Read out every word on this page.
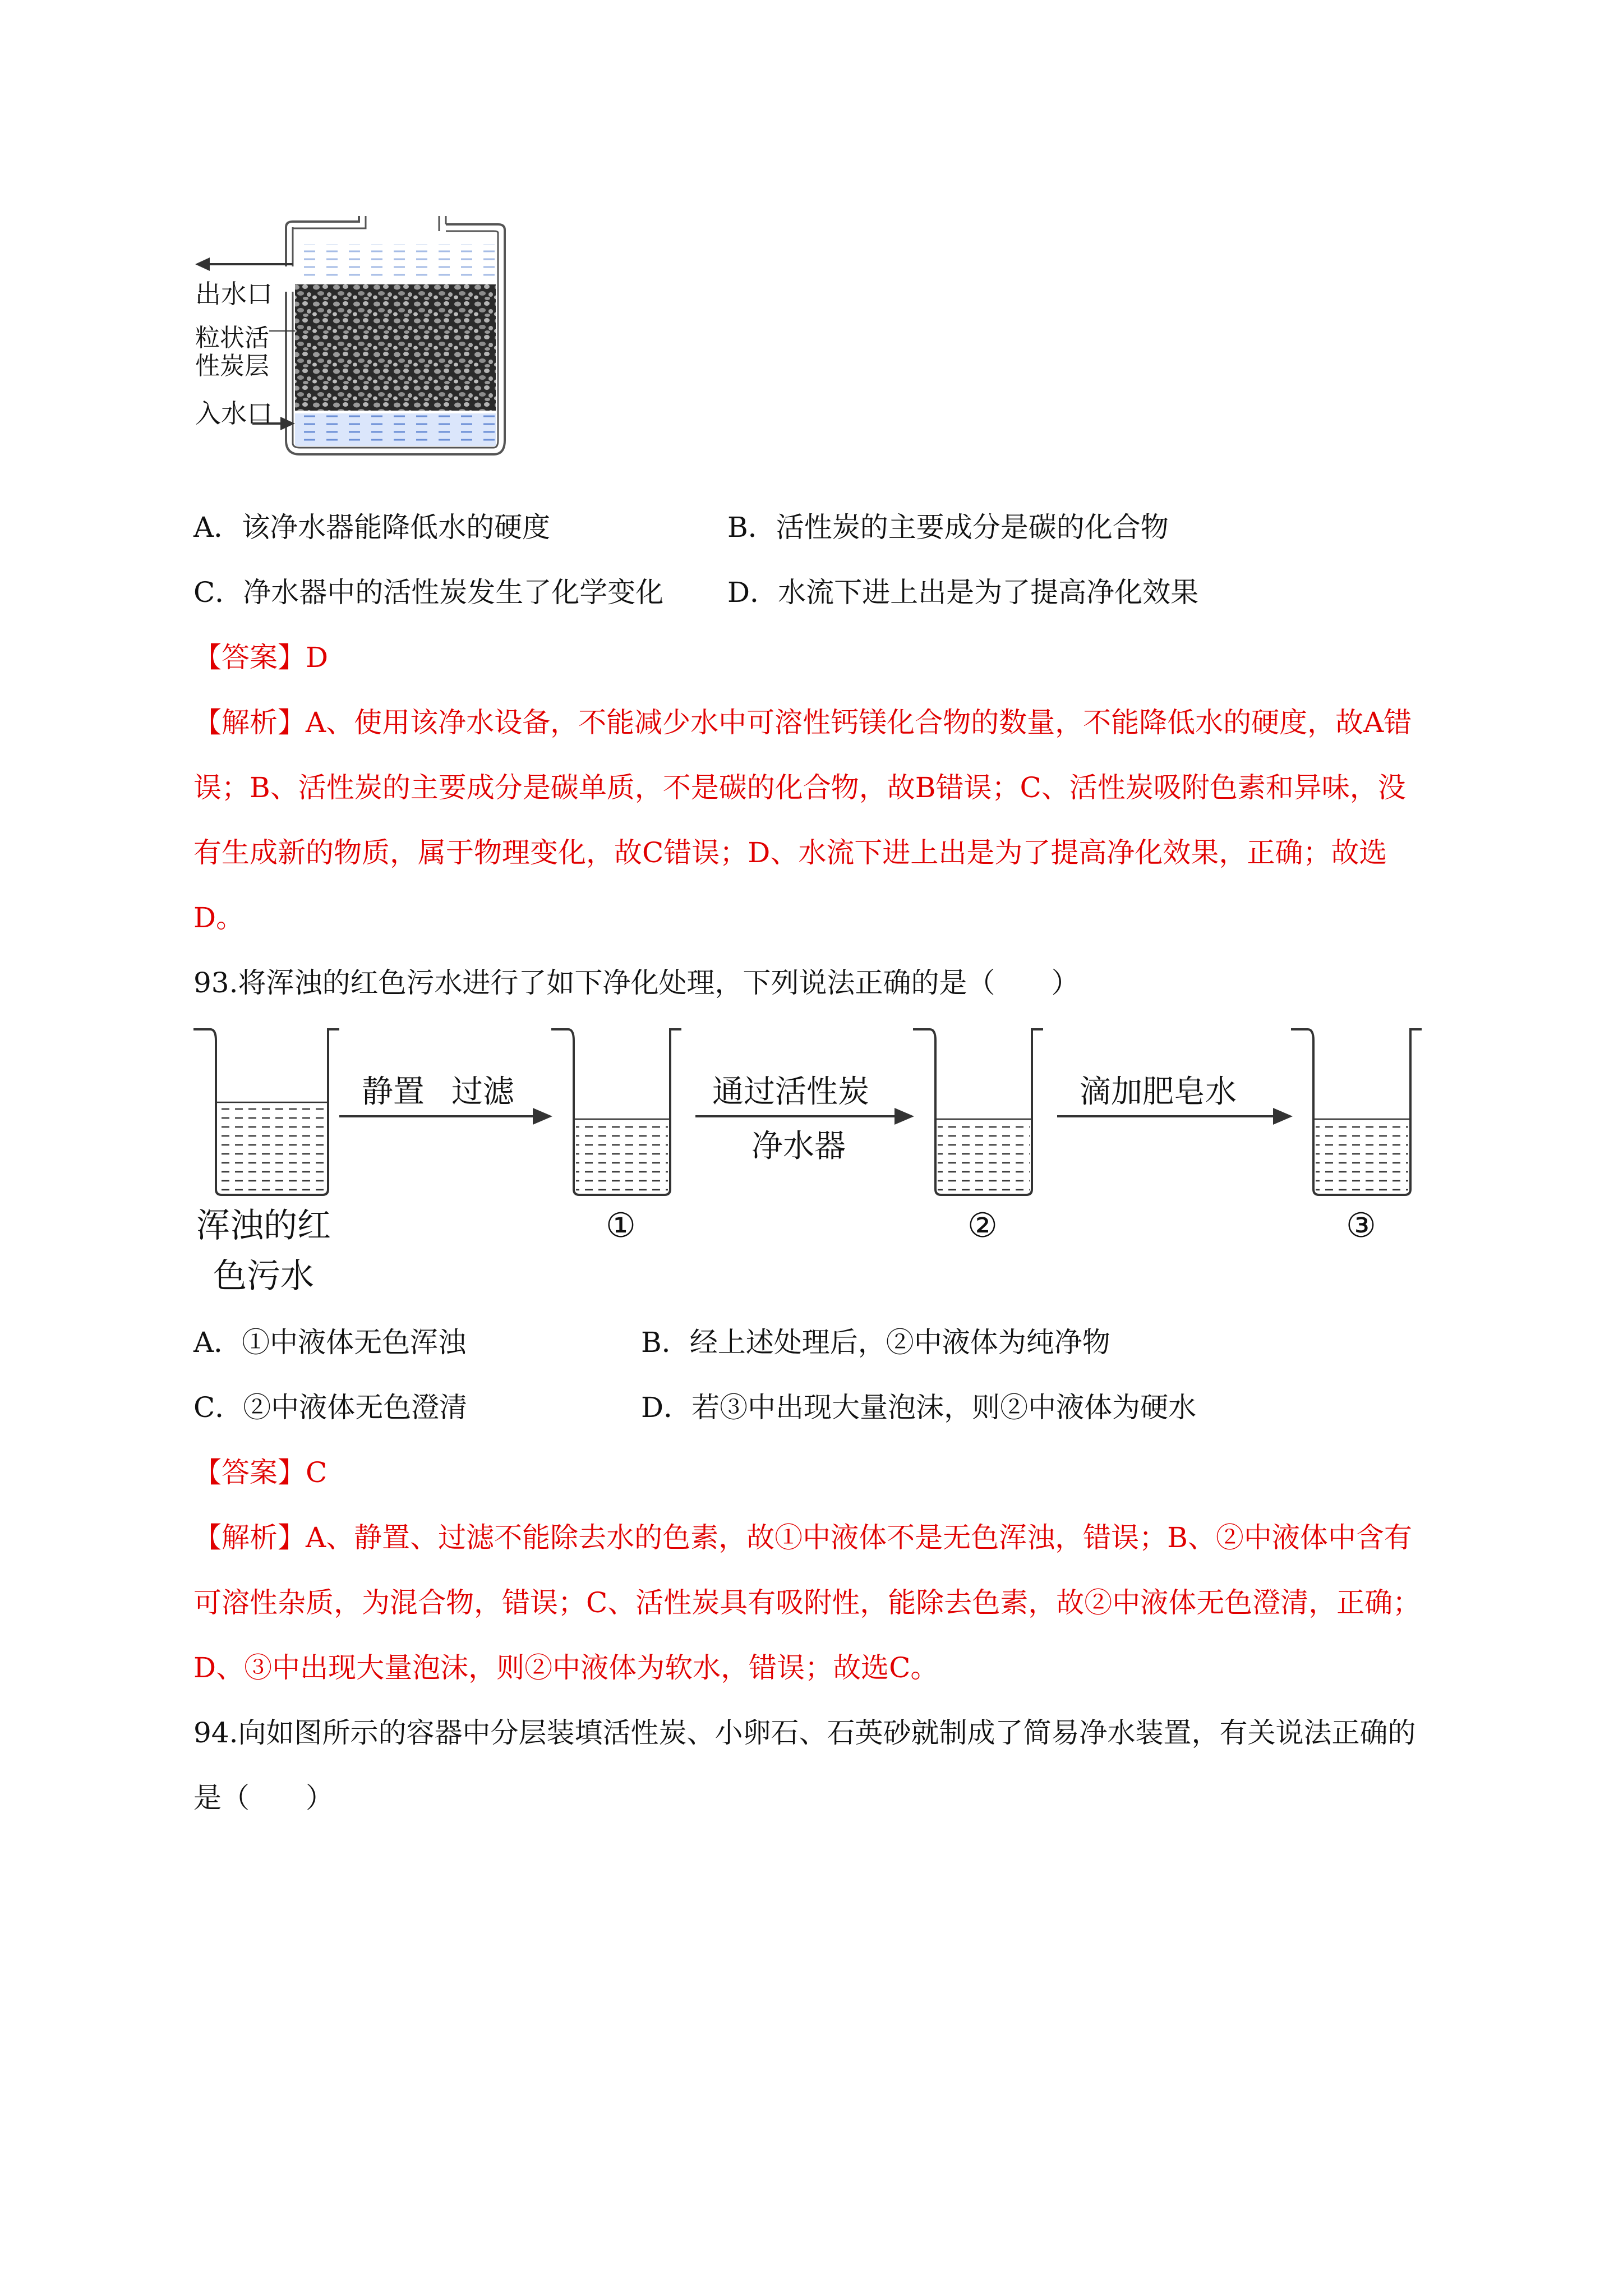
出水口
粒状活
性炭层
入水口
A．该净水器能降低水的硬度	B．活性炭的主要成分是碳的化合物
C．净水器中的活性炭发生了化学变化 D．水流下进上出是为了提高净化效果
【答案】D
【解析】A、使用该净水设备，不能减少水中可溶性钙镁化合物的数量，不能降低水的硬度，故A错
误；B、活性炭的主要成分是碳单质，不是碳的化合物，故B错误；C、活性炭吸附色素和异味，没
有生成新的物质，属于物理变化，故C错误；D、水流下进上出是为了提高净化效果，正确；故选
D。
93.将浑浊的红色污水进行了如下净化处理，下列说法正确的是（　　）
静置 过滤	通过活性炭
净水器
滴加肥皂水
浑浊的红
色污水
①	②	③
A．①中液体无色浑浊	B．经上述处理后，②中液体为纯净物
C．②中液体无色澄清	D．若③中出现大量泡沫，则②中液体为硬水
【答案】C
【解析】A、静置、过滤不能除去水的色素，故①中液体不是无色浑浊，错误；B、②中液体中含有
可溶性杂质，为混合物，错误；C、活性炭具有吸附性，能除去色素，故②中液体无色澄清，正确；
D、③中出现大量泡沫，则②中液体为软水，错误；故选C。
94.向如图所示的容器中分层装填活性炭、小卵石、石英砂就制成了简易净水装置，有关说法正确的
是（　　）
